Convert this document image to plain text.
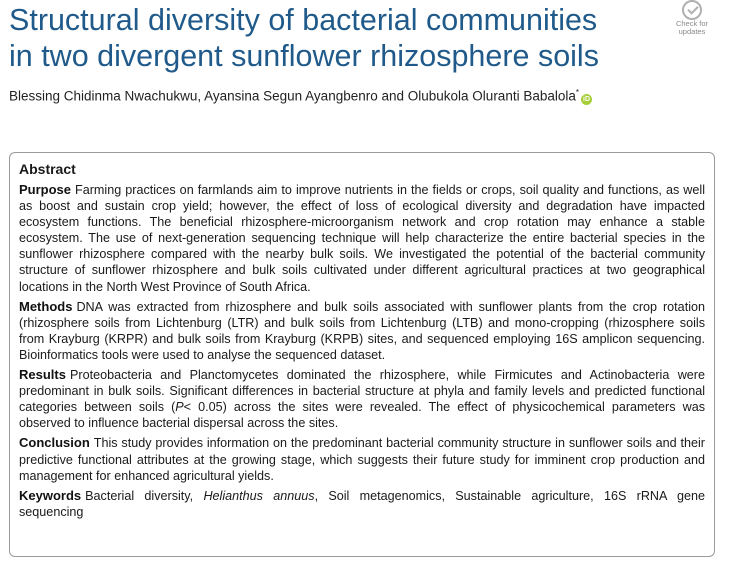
Structural diversity of bacterial communities
in two divergent sunflower rhizosphere soils
Check for
updates
Blessing Chidinma Nwachukwu, Ayansina Segun Ayangbenro and Olubukola Oluranti Babalola*iD
Abstract

Purpose Farming practices on farmlands aim to improve nutrients in the fields or crops, soil quality and functions, as well as boost and sustain crop yield; however, the effect of loss of ecological diversity and degradation have impacted ecosystem functions. The beneficial rhizosphere-microorganism network and crop rotation may enhance a stable ecosystem. The use of next-generation sequencing technique will help characterize the entire bacterial species in the sunflower rhizosphere compared with the nearby bulk soils. We investigated the potential of the bacterial community structure of sunflower rhizosphere and bulk soils cultivated under different agricultural practices at two geographical locations in the North West Province of South Africa.

Methods DNA was extracted from rhizosphere and bulk soils associated with sunflower plants from the crop rotation (rhizosphere soils from Lichtenburg (LTR) and bulk soils from Lichtenburg (LTB) and mono-cropping (rhizosphere soils from Krayburg (KRPR) and bulk soils from Krayburg (KRPB) sites, and sequenced employing 16S amplicon sequencing. Bioinformatics tools were used to analyse the sequenced dataset.

Results Proteobacteria and Planctomycetes dominated the rhizosphere, while Firmicutes and Actinobacteria were predominant in bulk soils. Significant differences in bacterial structure at phyla and family levels and predicted functional categories between soils (P< 0.05) across the sites were revealed. The effect of physicochemical parameters was observed to influence bacterial dispersal across the sites.

Conclusion This study provides information on the predominant bacterial community structure in sunflower soils and their predictive functional attributes at the growing stage, which suggests their future study for imminent crop production and management for enhanced agricultural yields.

Keywords Bacterial diversity, Helianthus annuus, Soil metagenomics, Sustainable agriculture, 16S rRNA gene sequencing
